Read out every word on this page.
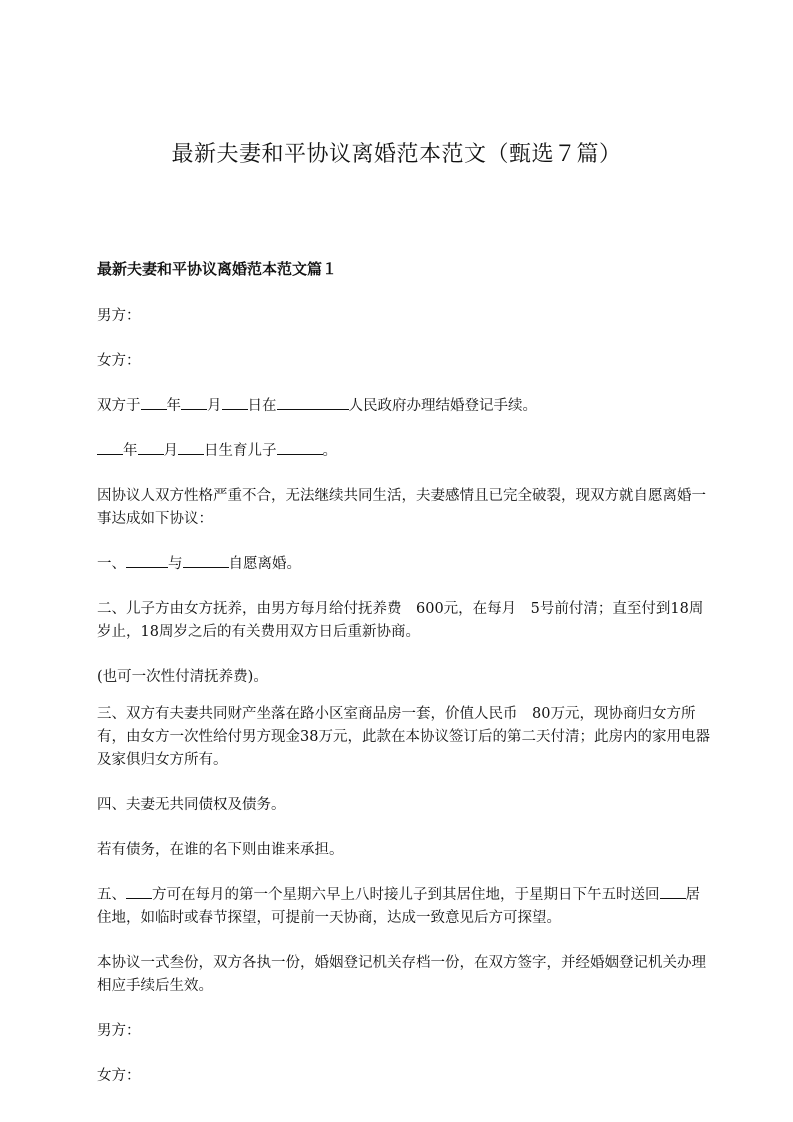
最新夫妻和平协议离婚范本范文（甄选７篇）
最新夫妻和平协议离婚范本范文篇１

男方：

女方：

双方于 年 月 日在	人民政府办理结婚登记手续。

年 月 日生育儿子	。

因协议人双方性格严重不合，无法继续共同生活，夫妻感情且已完全破裂，现双方就自愿离婚一事达成如下协议：

一、	与	自愿离婚。

二、儿子方由女方抚养，由男方每月给付抚养费　600元，在每月　5号前付清；直至付到18周岁止，18周岁之后的有关费用双方日后重新协商。

(也可一次性付清抚养费)。

三、双方有夫妻共同财产坐落在路小区室商品房一套，价值人民币　80万元，现协商归女方所有，由女方一次性给付男方现金38万元，此款在本协议签订后的第二天付清；此房内的家用电器及家俱归女方所有。

四、夫妻无共同债权及债务。

若有债务，在谁的名下则由谁来承担。

五、 方可在每月的第一个星期六早上八时接儿子到其居住地，于星期日下午五时送回 居住地，如临时或春节探望，可提前一天协商，达成一致意见后方可探望。

本协议一式叁份，双方各执一份，婚姻登记机关存档一份，在双方签字，并经婚姻登记机关办理相应手续后生效。

男方：

女方：
